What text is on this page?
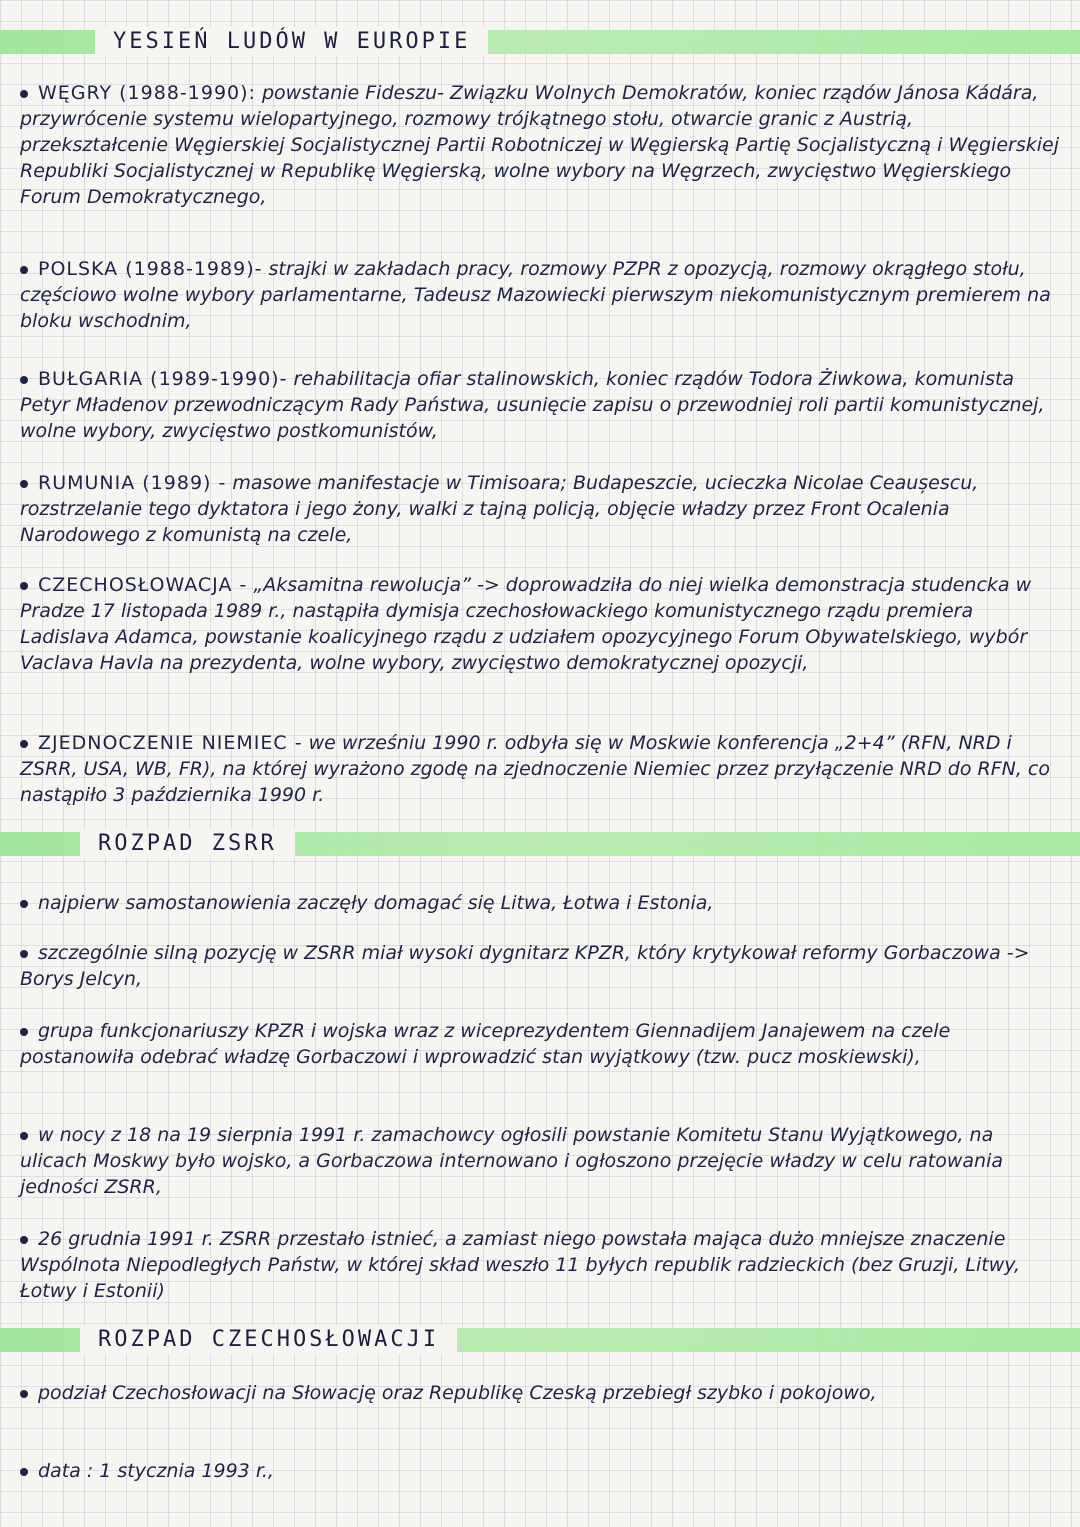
YESIEŃ LUDÓW W EUROPIE

WĘGRY (1988-1990): powstanie Fideszu- Związku Wolnych Demokratów, koniec rządów Jánosa Kádára, przywrócenie systemu wielopartyjnego, rozmowy trójkątnego stołu, otwarcie granic z Austrią, przekształcenie Węgierskiej Socjalistycznej Partii Robotniczej w Węgierską Partię Socjalistyczną i Węgierskiej Republiki Socjalistycznej w Republikę Węgierską, wolne wybory na Węgrzech, zwycięstwo Węgierskiego Forum Demokratycznego,

POLSKA (1988-1989)- strajki w zakładach pracy, rozmowy PZPR z opozycją, rozmowy okrągłego stołu, częściowo wolne wybory parlamentarne, Tadeusz Mazowiecki pierwszym niekomunistycznym premierem na bloku wschodnim,

BUŁGARIA (1989-1990)- rehabilitacja ofiar stalinowskich, koniec rządów Todora Żiwkowa, komunista Petyr Mładenov przewodniczącym Rady Państwa, usunięcie zapisu o przewodniej roli partii komunistycznej, wolne wybory, zwycięstwo postkomunistów,

RUMUNIA (1989) - masowe manifestacje w Timisoara; Budapeszcie, ucieczka Nicolae Ceaușescu, rozstrzelanie tego dyktatora i jego żony, walki z tajną policją, objęcie władzy przez Front Ocalenia Narodowego z komunistą na czele,

CZECHOSŁOWACJA - „Aksamitna rewolucja” -> doprowadziła do niej wielka demonstracja studencka w Pradze 17 listopada 1989 r., nastąpiła dymisja czechosłowackiego komunistycznego rządu premiera Ladislava Adamca, powstanie koalicyjnego rządu z udziałem opozycyjnego Forum Obywatelskiego, wybór Vaclava Havla na prezydenta, wolne wybory, zwycięstwo demokratycznej opozycji,

ZJEDNOCZENIE NIEMIEC - we wrześniu 1990 r. odbyła się w Moskwie konferencja „2+4” (RFN, NRD i ZSRR, USA, WB, FR), na której wyrażono zgodę na zjednoczenie Niemiec przez przyłączenie NRD do RFN, co nastąpiło 3 października 1990 r.

ROZPAD ZSRR

najpierw samostanowienia zaczęły domagać się Litwa, Łotwa i Estonia,

szczególnie silną pozycję w ZSRR miał wysoki dygnitarz KPZR, który krytykował reformy Gorbaczowa -> Borys Jelcyn,

grupa funkcjonariuszy KPZR i wojska wraz z wiceprezydentem Giennadijem Janajewem na czele postanowiła odebrać władzę Gorbaczowi i wprowadzić stan wyjątkowy (tzw. pucz moskiewski),

w nocy z 18 na 19 sierpnia 1991 r. zamachowcy ogłosili powstanie Komitetu Stanu Wyjątkowego, na ulicach Moskwy było wojsko, a Gorbaczowa internowano i ogłoszono przejęcie władzy w celu ratowania jedności ZSRR,

26 grudnia 1991 r. ZSRR przestało istnieć, a zamiast niego powstała mająca dużo mniejsze znaczenie Wspólnota Niepodległych Państw, w której skład weszło 11 byłych republik radzieckich (bez Gruzji, Litwy, Łotwy i Estonii)

ROZPAD CZECHOSŁOWACJI

podział Czechosłowacji na Słowację oraz Republikę Czeską przebiegł szybko i pokojowo,

data : 1 stycznia 1993 r.,
